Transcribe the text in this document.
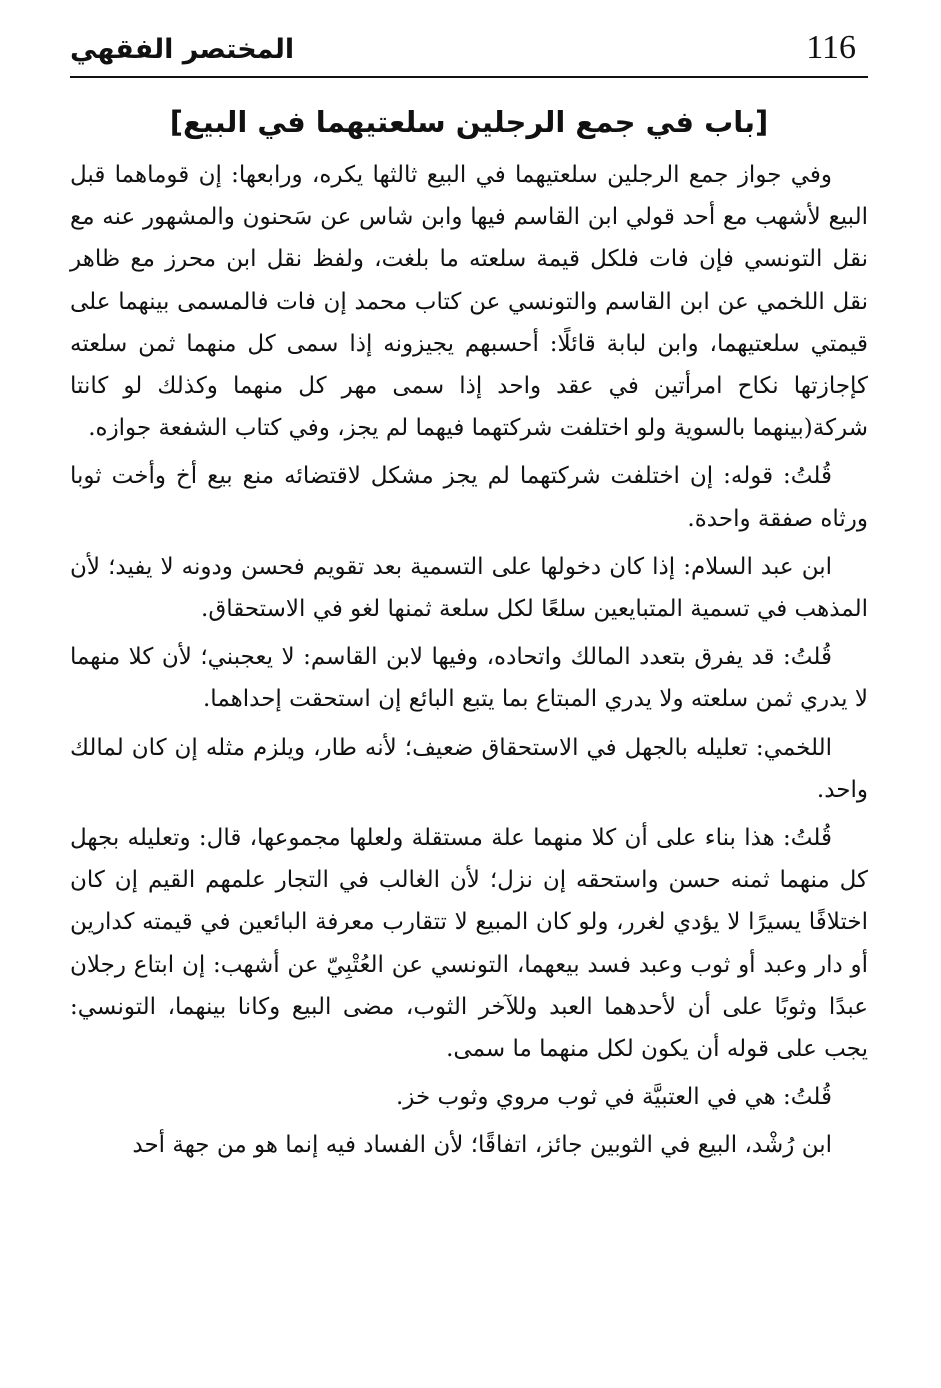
المختصر الفقهي	116
[باب في جمع الرجلين سلعتيهما في البيع]

وفي جواز جمع الرجلين سلعتيهما في البيع ثالثها يكره، ورابعها: إن قوماهما قبل البيع لأشهب مع أحد قولي ابن القاسم فيها وابن شاس عن سَحنون والمشهور عنه مع نقل التونسي فإن فات فلكل قيمة سلعته ما بلغت، ولفظ نقل ابن محرز مع ظاهر نقل اللخمي عن ابن القاسم والتونسي عن كتاب محمد إن فات فالمسمى بينهما على قيمتي سلعتيهما، وابن لبابة قائلًا: أحسبهم يجيزونه إذا سمى كل منهما ثمن سلعته كإجازتها نكاح امرأتين في عقد واحد إذا سمى مهر كل منهما وكذلك لو كانتا شركة(بينهما بالسوية ولو اختلفت شركتهما فيهما لم يجز، وفي كتاب الشفعة جوازه.

قُلتُ: قوله: إن اختلفت شركتهما لم يجز مشكل لاقتضائه منع بيع أخ وأخت ثوبا ورثاه صفقة واحدة.

ابن عبد السلام: إذا كان دخولها على التسمية بعد تقويم فحسن ودونه لا يفيد؛ لأن المذهب في تسمية المتبايعين سلعًا لكل سلعة ثمنها لغو في الاستحقاق.

قُلتُ: قد يفرق بتعدد المالك واتحاده، وفيها لابن القاسم: لا يعجبني؛ لأن كلا منهما لا يدري ثمن سلعته ولا يدري المبتاع بما يتبع البائع إن استحقت إحداهما.

اللخمي: تعليله بالجهل في الاستحقاق ضعيف؛ لأنه طار، ويلزم مثله إن كان لمالك واحد.

قُلتُ: هذا بناء على أن كلا منهما علة مستقلة ولعلها مجموعها، قال: وتعليله بجهل كل منهما ثمنه حسن واستحقه إن نزل؛ لأن الغالب في التجار علمهم القيم إن كان اختلافًا يسيرًا لا يؤدي لغرر، ولو كان المبيع لا تتقارب معرفة البائعين في قيمته كدارين أو دار وعبد أو ثوب وعبد فسد بيعهما، التونسي عن العُتْبِيّ عن أشهب: إن ابتاع رجلان عبدًا وثوبًا على أن لأحدهما العبد وللآخر الثوب، مضى البيع وكانا بينهما، التونسي: يجب على قوله أن يكون لكل منهما ما سمى.

قُلتُ: هي في العتبيَّة في ثوب مروي وثوب خز.

ابن رُشْد، البيع في الثوبين جائز، اتفاقًا؛ لأن الفساد فيه إنما هو من جهة أحد
